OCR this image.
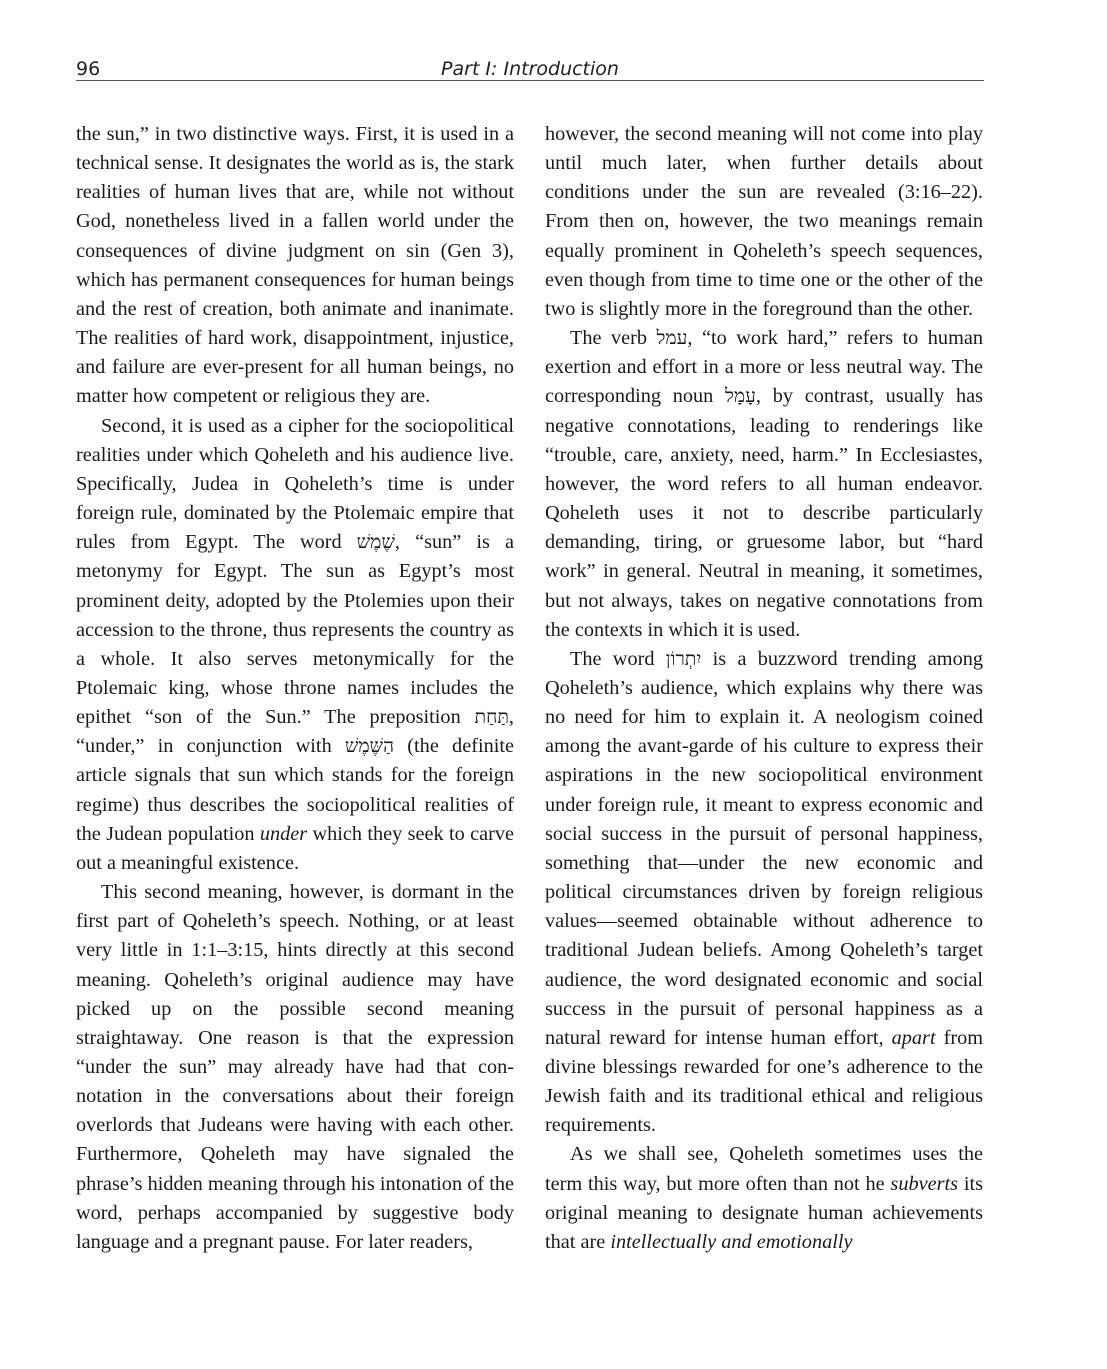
96	Part I: Introduction

the sun,” in two distinctive ways. First, it is used in a technical sense. It designates the world as is, the stark realities of human lives that are, while not without God, nonetheless lived in a fallen world under the consequences of divine judgment on sin (Gen 3), which has permanent consequences for human beings and the rest of creation, both animate and inanimate. The realities of hard work, disappointment, injustice, and failure are ever-present for all human beings, no matter how competent or religious they are.

Second, it is used as a cipher for the sociopolitical realities under which Qoheleth and his audience live. Specifically, Judea in Qoheleth’s time is under foreign rule, dominated by the Ptolemaic empire that rules from Egypt. The word שֶׁמֶשׁ, “sun” is a metonymy for Egypt. The sun as Egypt’s most prominent deity, adopted by the Ptolemies upon their accession to the throne, thus represents the country as a whole. It also serves metonymically for the Ptolemaic king, whose throne names includes the epithet “son of the Sun.” The preposition תַּחַת, “under,” in conjunction with הַשֶּׁמֶשׁ (the definite article signals that sun which stands for the foreign regime) thus describes the sociopolitical realities of the Judean population under which they seek to carve out a meaningful existence.

This second meaning, however, is dormant in the first part of Qoheleth’s speech. Nothing, or at least very little in 1:1–3:15, hints directly at this second meaning. Qoheleth’s original audience may have picked up on the possible second meaning straightaway. One reason is that the expression “under the sun” may already have had that connotation in the conversations about their foreign overlords that Judeans were having with each other. Furthermore, Qoheleth may have signaled the phrase’s hidden meaning through his intonation of the word, perhaps accompanied by suggestive body language and a pregnant pause. For later readers,

however, the second meaning will not come into play until much later, when further details about conditions under the sun are revealed (3:16–22). From then on, however, the two meanings remain equally prominent in Qoheleth’s speech sequences, even though from time to time one or the other of the two is slightly more in the foreground than the other.

The verb עמל, “to work hard,” refers to human exertion and effort in a more or less neutral way. The corresponding noun עָמָל, by contrast, usually has negative connotations, leading to renderings like “trouble, care, anxiety, need, harm.” In Ecclesiastes, however, the word refers to all human endeavor. Qoheleth uses it not to describe particularly demanding, tiring, or gruesome labor, but “hard work” in general. Neutral in meaning, it sometimes, but not always, takes on negative connotations from the contexts in which it is used.

The word יִתְרוֹן is a buzzword trending among Qoheleth’s audience, which explains why there was no need for him to explain it. A neologism coined among the avant-garde of his culture to express their aspirations in the new sociopolitical environment under foreign rule, it meant to express economic and social success in the pursuit of personal happiness, something that—under the new economic and political circumstances driven by foreign religious values—seemed obtainable without adherence to traditional Judean beliefs. Among Qoheleth’s target audience, the word designated economic and social success in the pursuit of personal happiness as a natural reward for intense human effort, apart from divine blessings rewarded for one’s adherence to the Jewish faith and its traditional ethical and religious requirements.

As we shall see, Qoheleth sometimes uses the term this way, but more often than not he subverts its original meaning to designate human achievements that are intellectually and emotionally
